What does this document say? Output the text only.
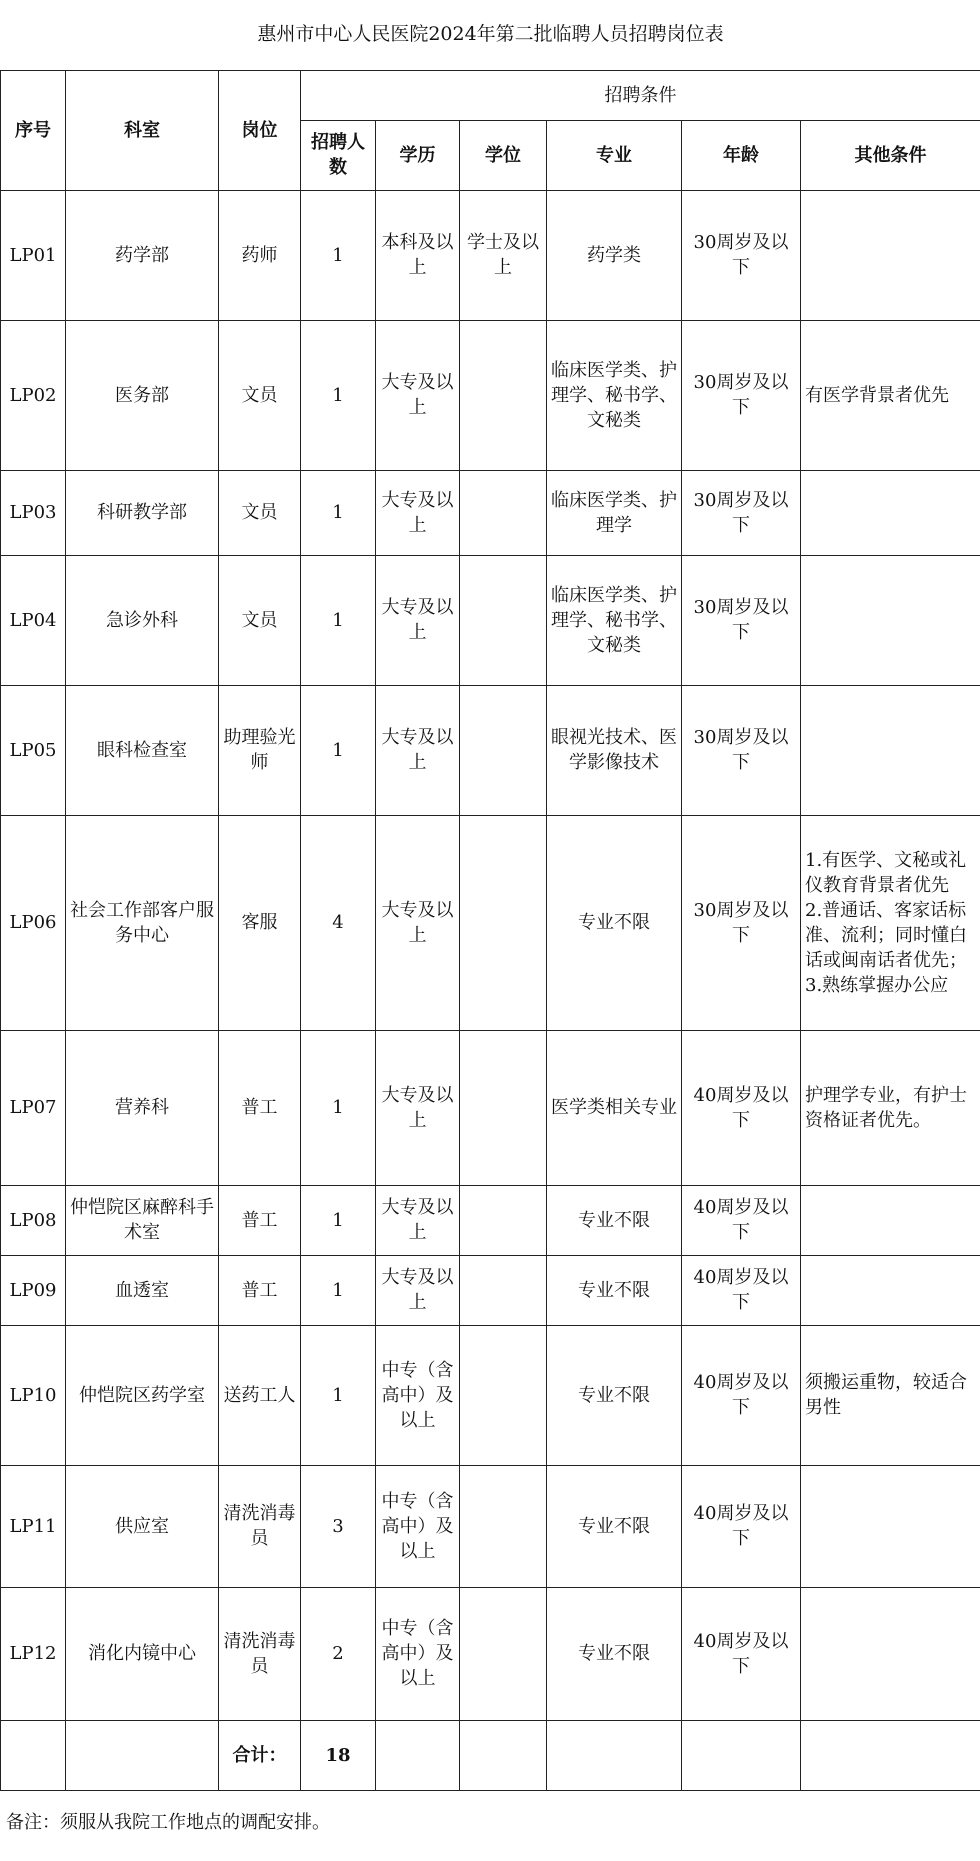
惠州市中心人民医院2024年第二批临聘人员招聘岗位表								
序号	科室	岗位	招聘条件					
			招聘人数	学历	学位	专业	年龄	其他条件
LP01	药学部	药师	1	本科及以上	学士及以上	药学类	30周岁及以下	
LP02	医务部	文员	1	大专及以上		临床医学类、护理学、秘书学、文秘类	30周岁及以下	有医学背景者优先
LP03	科研教学部	文员	1	大专及以上		临床医学类、护理学	30周岁及以下	
LP04	急诊外科	文员	1	大专及以上		临床医学类、护理学、秘书学、文秘类	30周岁及以下	
LP05	眼科检查室	助理验光师	1	大专及以上		眼视光技术、医学影像技术	30周岁及以下	
LP06	社会工作部客户服务中心	客服	4	大专及以上		专业不限	30周岁及以下	1.有医学、文秘或礼仪教育背景者优先
2.普通话、客家话标准、流利；同时懂白话或闽南话者优先；
3.熟练掌握办公应
LP07	营养科	普工	1	大专及以上		医学类相关专业	40周岁及以下	护理学专业，有护士资格证者优先。
LP08	仲恺院区麻醉科手术室	普工	1	大专及以上		专业不限	40周岁及以下	
LP09	血透室	普工	1	大专及以上		专业不限	40周岁及以下	
LP10	仲恺院区药学室	送药工人	1	中专（含高中）及以上		专业不限	40周岁及以下	须搬运重物，较适合男性
LP11	供应室	清洗消毒员	3	中专（含高中）及以上		专业不限	40周岁及以下	
LP12	消化内镜中心	清洗消毒员	2	中专（含高中）及以上		专业不限	40周岁及以下	
		合计：	18					
备注：须服从我院工作地点的调配安排。
